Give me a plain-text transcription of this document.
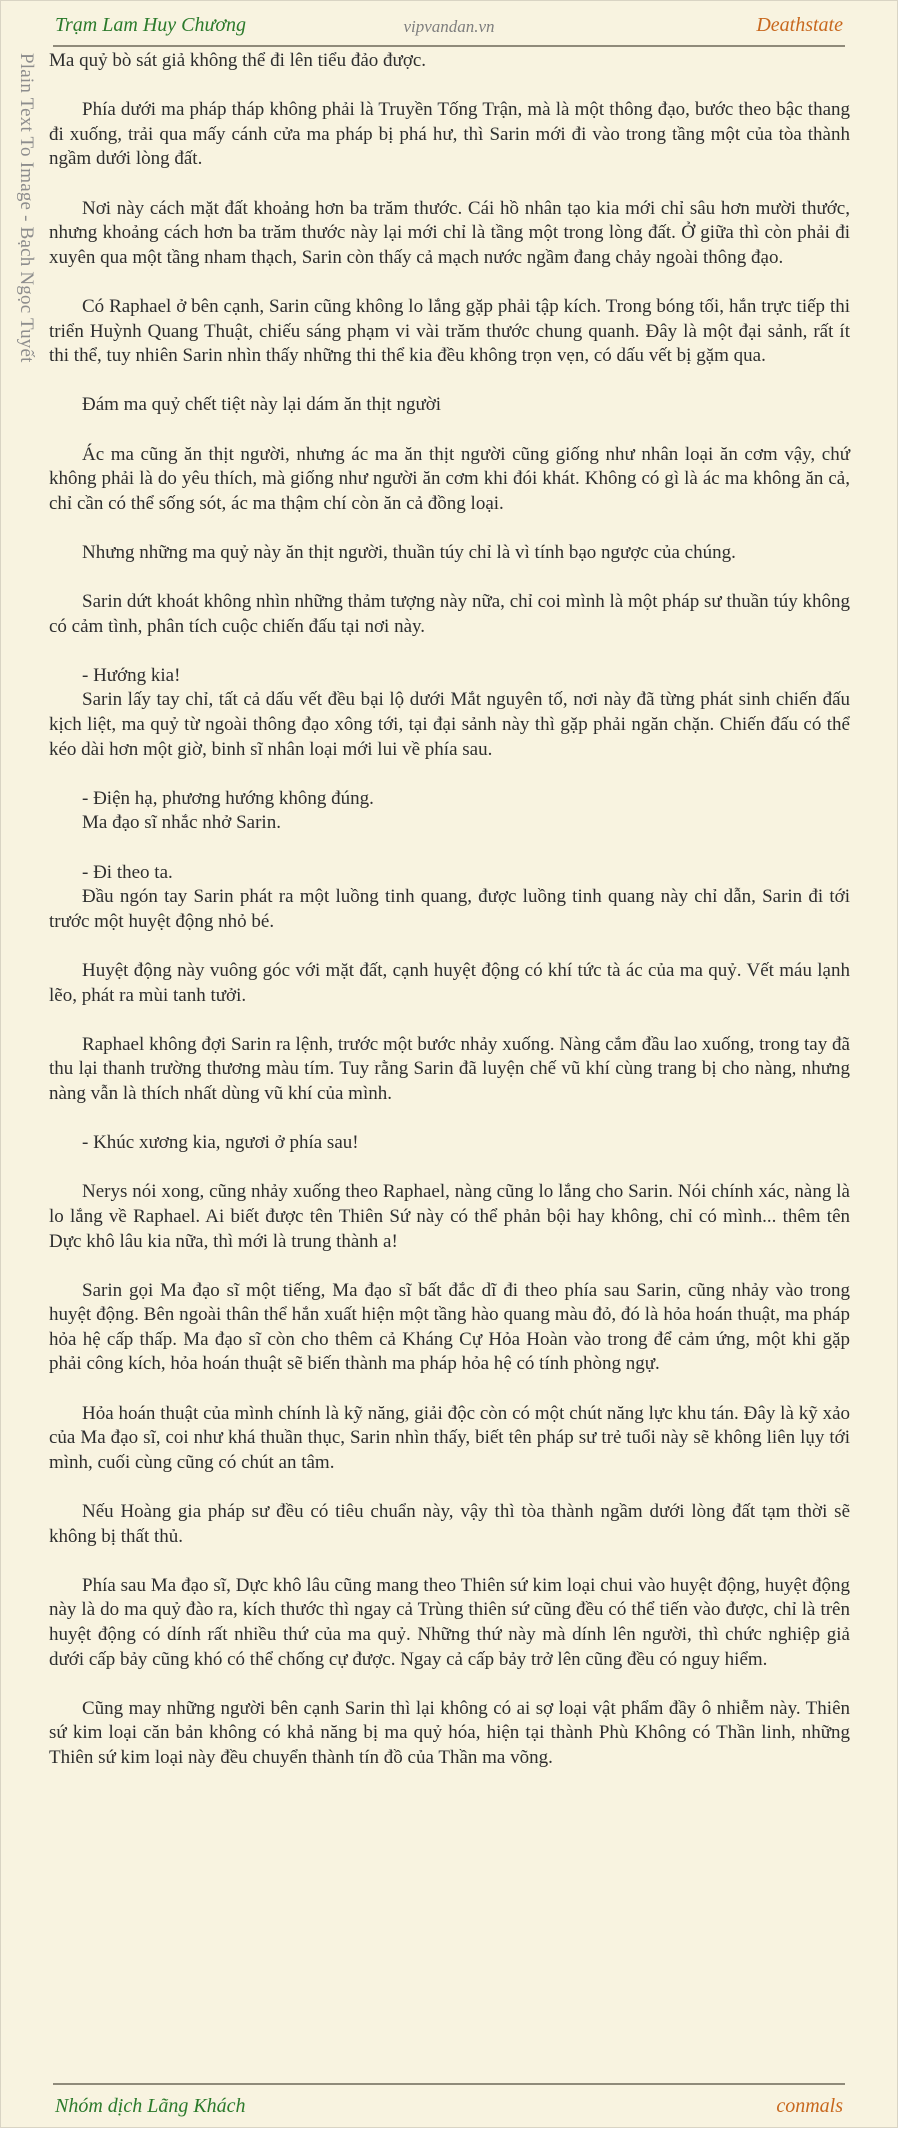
Trạm Lam Huy Chương	vipvandan.vn	Deathstate
Plain Text To Image - Bạch Ngọc Tuyết Ma quỷ bò sát giả không thể đi lên tiểu đảo được.

Phía dưới ma pháp tháp không phải là Truyền Tống Trận, mà là một thông đạo, bước theo bậc thang đi xuống, trải qua mấy cánh cửa ma pháp bị phá hư, thì Sarin mới đi vào trong tầng một của tòa thành ngầm dưới lòng đất.

Nơi này cách mặt đất khoảng hơn ba trăm thước. Cái hồ nhân tạo kia mới chỉ sâu hơn mười thước, nhưng khoảng cách hơn ba trăm thước này lại mới chỉ là tầng một trong lòng đất. Ở giữa thì còn phải đi xuyên qua một tầng nham thạch, Sarin còn thấy cả mạch nước ngầm đang chảy ngoài thông đạo.

Có Raphael ở bên cạnh, Sarin cũng không lo lắng gặp phải tập kích. Trong bóng tối, hắn trực tiếp thi triển Huỳnh Quang Thuật, chiếu sáng phạm vi vài trăm thước chung quanh. Đây là một đại sảnh, rất ít thi thể, tuy nhiên Sarin nhìn thấy những thi thể kia đều không trọn vẹn, có dấu vết bị gặm qua.

Đám ma quỷ chết tiệt này lại dám ăn thịt người

Ác ma cũng ăn thịt người, nhưng ác ma ăn thịt người cũng giống như nhân loại ăn cơm vậy, chứ không phải là do yêu thích, mà giống như người ăn cơm khi đói khát. Không có gì là ác ma không ăn cả, chỉ cần có thể sống sót, ác ma thậm chí còn ăn cả đồng loại.

Nhưng những ma quỷ này ăn thịt người, thuần túy chỉ là vì tính bạo ngược của chúng.

Sarin dứt khoát không nhìn những thảm tượng này nữa, chỉ coi mình là một pháp sư thuần túy không có cảm tình, phân tích cuộc chiến đấu tại nơi này.

- Hướng kia!

Sarin lấy tay chỉ, tất cả dấu vết đều bại lộ dưới Mắt nguyên tố, nơi này đã từng phát sinh chiến đấu kịch liệt, ma quỷ từ ngoài thông đạo xông tới, tại đại sảnh này thì gặp phải ngăn chặn. Chiến đấu có thể kéo dài hơn một giờ, binh sĩ nhân loại mới lui về phía sau.

- Điện hạ, phương hướng không đúng.

Ma đạo sĩ nhắc nhở Sarin.

- Đi theo ta.

Đầu ngón tay Sarin phát ra một luồng tinh quang, được luồng tinh quang này chỉ dẫn, Sarin đi tới trước một huyệt động nhỏ bé.

Huyệt động này vuông góc với mặt đất, cạnh huyệt động có khí tức tà ác của ma quỷ. Vết máu lạnh lẽo, phát ra mùi tanh tưởi.

Raphael không đợi Sarin ra lệnh, trước một bước nhảy xuống. Nàng cắm đầu lao xuống, trong tay đã thu lại thanh trường thương màu tím. Tuy rằng Sarin đã luyện chế vũ khí cùng trang bị cho nàng, nhưng nàng vẫn là thích nhất dùng vũ khí của mình.

- Khúc xương kia, ngươi ở phía sau!

Nerys nói xong, cũng nhảy xuống theo Raphael, nàng cũng lo lắng cho Sarin. Nói chính xác, nàng là lo lắng về Raphael. Ai biết được tên Thiên Sứ này có thể phản bội hay không, chỉ có mình... thêm tên Dực khô lâu kia nữa, thì mới là trung thành a!

Sarin gọi Ma đạo sĩ một tiếng, Ma đạo sĩ bất đắc dĩ đi theo phía sau Sarin, cũng nhảy vào trong huyệt động. Bên ngoài thân thể hắn xuất hiện một tầng hào quang màu đỏ, đó là hỏa hoán thuật, ma pháp hỏa hệ cấp thấp. Ma đạo sĩ còn cho thêm cả Kháng Cự Hỏa Hoàn vào trong để cảm ứng, một khi gặp phải công kích, hỏa hoán thuật sẽ biến thành ma pháp hỏa hệ có tính phòng ngự.

Hỏa hoán thuật của mình chính là kỹ năng, giải độc còn có một chút năng lực khu tán. Đây là kỹ xảo của Ma đạo sĩ, coi như khá thuần thục, Sarin nhìn thấy, biết tên pháp sư trẻ tuổi này sẽ không liên lụy tới mình, cuối cùng cũng có chút an tâm.

Nếu Hoàng gia pháp sư đều có tiêu chuẩn này, vậy thì tòa thành ngầm dưới lòng đất tạm thời sẽ không bị thất thủ.

Phía sau Ma đạo sĩ, Dực khô lâu cũng mang theo Thiên sứ kim loại chui vào huyệt động, huyệt động này là do ma quỷ đào ra, kích thước thì ngay cả Trùng thiên sứ cũng đều có thể tiến vào được, chỉ là trên huyệt động có dính rất nhiều thứ của ma quỷ. Những thứ này mà dính lên người, thì chức nghiệp giả dưới cấp bảy cũng khó có thể chống cự được. Ngay cả cấp bảy trở lên cũng đều có nguy hiểm.

Cũng may những người bên cạnh Sarin thì lại không có ai sợ loại vật phẩm đầy ô nhiễm này. Thiên sứ kim loại căn bản không có khả năng bị ma quỷ hóa, hiện tại thành Phù Không có Thần linh, những Thiên sứ kim loại này đều chuyển thành tín đồ của Thần ma võng.

Nhóm dịch Lãng Khách	conmals
